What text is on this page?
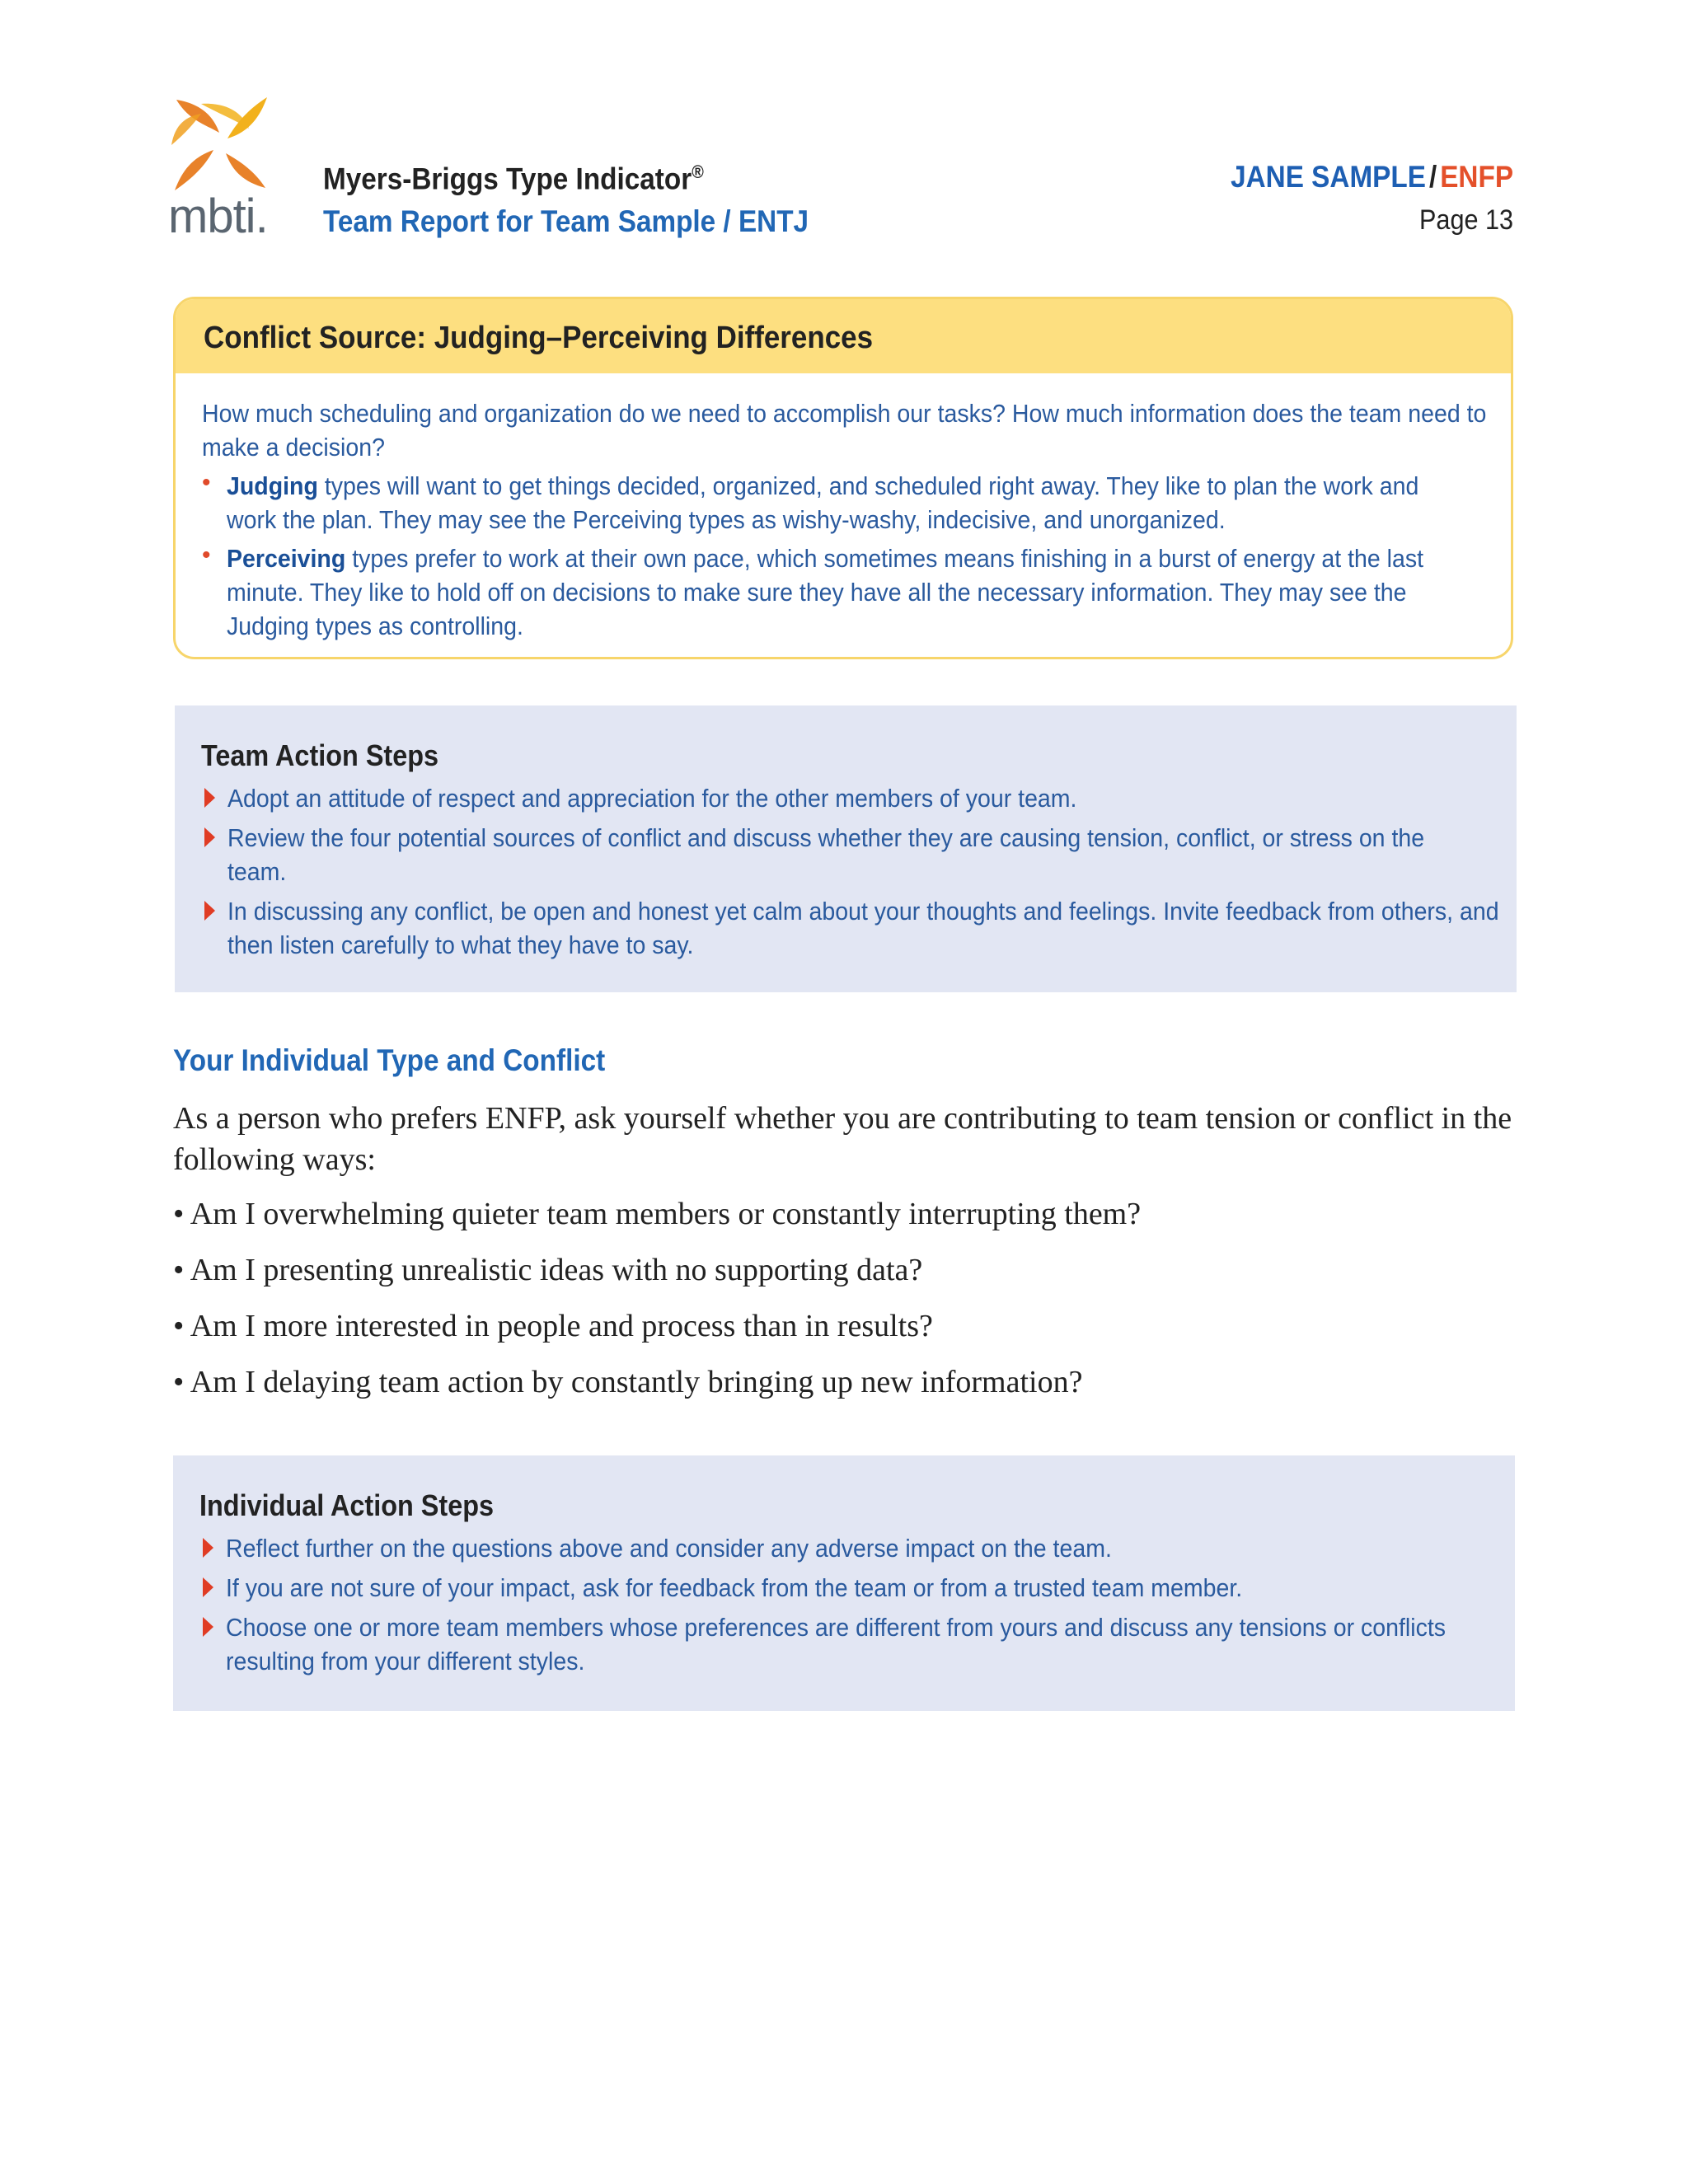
mbti.
Myers-Briggs Type Indicator®
Team Report for Team Sample / ENTJ
JANE SAMPLE / ENFP
Page 13
Conflict Source: Judging–Perceiving Differences
How much scheduling and organization do we need to accomplish our tasks? How much information does the team need to make a decision?
• Judging types will want to get things decided, organized, and scheduled right away. They like to plan the work and work the plan. They may see the Perceiving types as wishy-washy, indecisive, and unorganized.
• Perceiving types prefer to work at their own pace, which sometimes means finishing in a burst of energy at the last minute. They like to hold off on decisions to make sure they have all the necessary information. They may see the Judging types as controlling.
Team Action Steps
Adopt an attitude of respect and appreciation for the other members of your team.
Review the four potential sources of conflict and discuss whether they are causing tension, conflict, or stress on the team.
In discussing any conflict, be open and honest yet calm about your thoughts and feelings. Invite feedback from others, and then listen carefully to what they have to say.
Your Individual Type and Conflict
As a person who prefers ENFP, ask yourself whether you are contributing to team tension or conflict in the following ways:
• Am I overwhelming quieter team members or constantly interrupting them?
• Am I presenting unrealistic ideas with no supporting data?
• Am I more interested in people and process than in results?
• Am I delaying team action by constantly bringing up new information?
Individual Action Steps
Reflect further on the questions above and consider any adverse impact on the team.
If you are not sure of your impact, ask for feedback from the team or from a trusted team member.
Choose one or more team members whose preferences are different from yours and discuss any tensions or conflicts resulting from your different styles.
